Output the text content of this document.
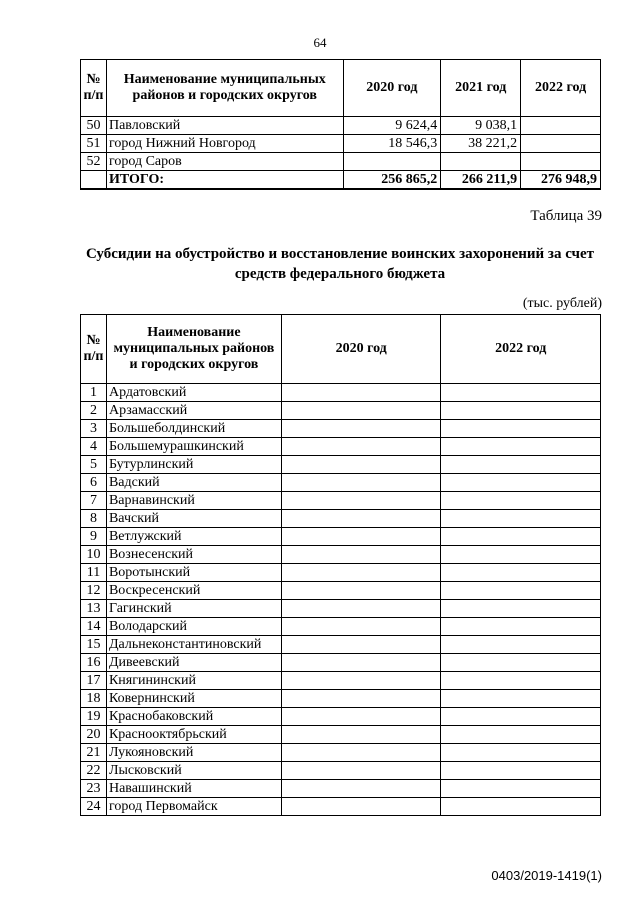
64
№ п/п	Наименование муниципальных районов и городских округов	2020 год	2021 год	2022 год
50	Павловский	9 624,4	9 038,1	
51	город Нижний Новгород	18 546,3	38 221,2	
52	город Саров			
	ИТОГО:	256 865,2	266 211,9	276 948,9
Таблица 39
Субсидии на обустройство и восстановление воинских захоронений за счет средств федерального бюджета
(тыс. рублей)
№ п/п	Наименование муниципальных районов и городских округов	2020 год	2022 год
1	Ардатовский		
2	Арзамасский		
3	Большеболдинский		
4	Большемурашкинский		
5	Бутурлинский		
6	Вадский		
7	Варнавинский		
8	Вачский		
9	Ветлужский		
10	Вознесенский		
11	Воротынский		
12	Воскресенский		
13	Гагинский		
14	Володарский		
15	Дальнеконстантиновский		
16	Дивеевский		
17	Княгининский		
18	Ковернинский		
19	Краснобаковский		
20	Краснооктябрьский		
21	Лукояновский		
22	Лысковский		
23	Навашинский		
24	город Первомайск		
0403/2019-1419(1)
